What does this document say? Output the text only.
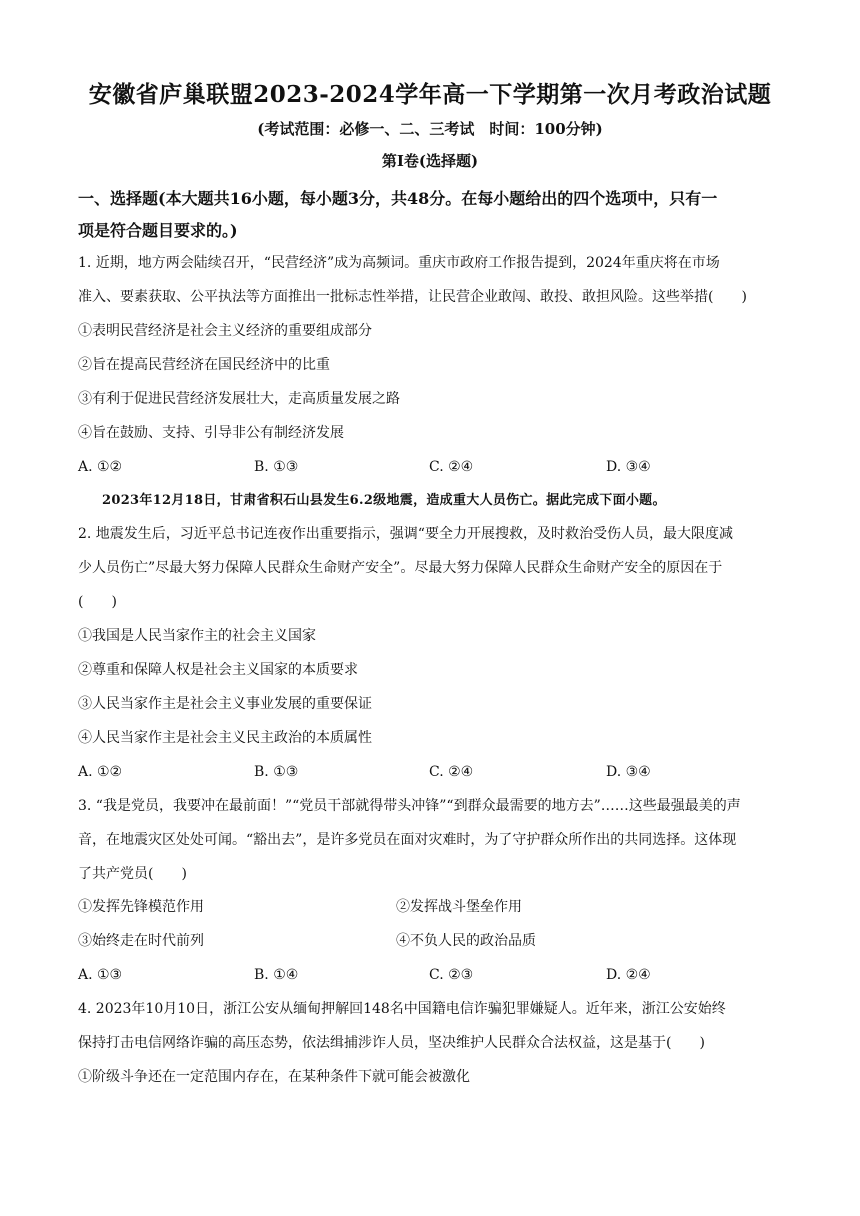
安徽省庐巢联盟2023-2024学年高一下学期第一次月考政治试题
(考试范围：必修一、二、三考试　时间：100分钟)
第Ⅰ卷(选择题)
一、选择题(本大题共16小题，每小题3分，共48分。在每小题给出的四个选项中，只有一
项是符合题目要求的。)
1. 近期，地方两会陆续召开，“民营经济”成为高频词。重庆市政府工作报告提到，2024年重庆将在市场
准入、要素获取、公平执法等方面推出一批标志性举措，让民营企业敢闯、敢投、敢担风险。这些举措(　　)
①表明民营经济是社会主义经济的重要组成部分
②旨在提高民营经济在国民经济中的比重
③有利于促进民营经济发展壮大，走高质量发展之路
④旨在鼓励、支持、引导非公有制经济发展
A. ①②	B. ①③	C. ②④	D. ③④
2023年12月18日，甘肃省积石山县发生6.2级地震，造成重大人员伤亡。据此完成下面小题。
2. 地震发生后，习近平总书记连夜作出重要指示，强调“要全力开展搜救，及时救治受伤人员，最大限度减
少人员伤亡”尽最大努力保障人民群众生命财产安全”。尽最大努力保障人民群众生命财产安全的原因在于
(　　)
①我国是人民当家作主的社会主义国家
②尊重和保障人权是社会主义国家的本质要求
③人民当家作主是社会主义事业发展的重要保证
④人民当家作主是社会主义民主政治的本质属性
A. ①②	B. ①③	C. ②④	D. ③④
3. “我是党员，我要冲在最前面！”“党员干部就得带头冲锋”“到群众最需要的地方去”……这些最强最美的声
音，在地震灾区处处可闻。“豁出去”，是许多党员在面对灾难时，为了守护群众所作出的共同选择。这体现
了共产党员(　　)
①发挥先锋模范作用	②发挥战斗堡垒作用
③始终走在时代前列	④不负人民的政治品质
A. ①③	B. ①④	C. ②③	D. ②④
4. 2023年10月10日，浙江公安从缅甸押解回148名中国籍电信诈骗犯罪嫌疑人。近年来，浙江公安始终
保持打击电信网络诈骗的高压态势，依法缉捕涉诈人员，坚决维护人民群众合法权益，这是基于(　　)
①阶级斗争还在一定范围内存在，在某种条件下就可能会被激化
